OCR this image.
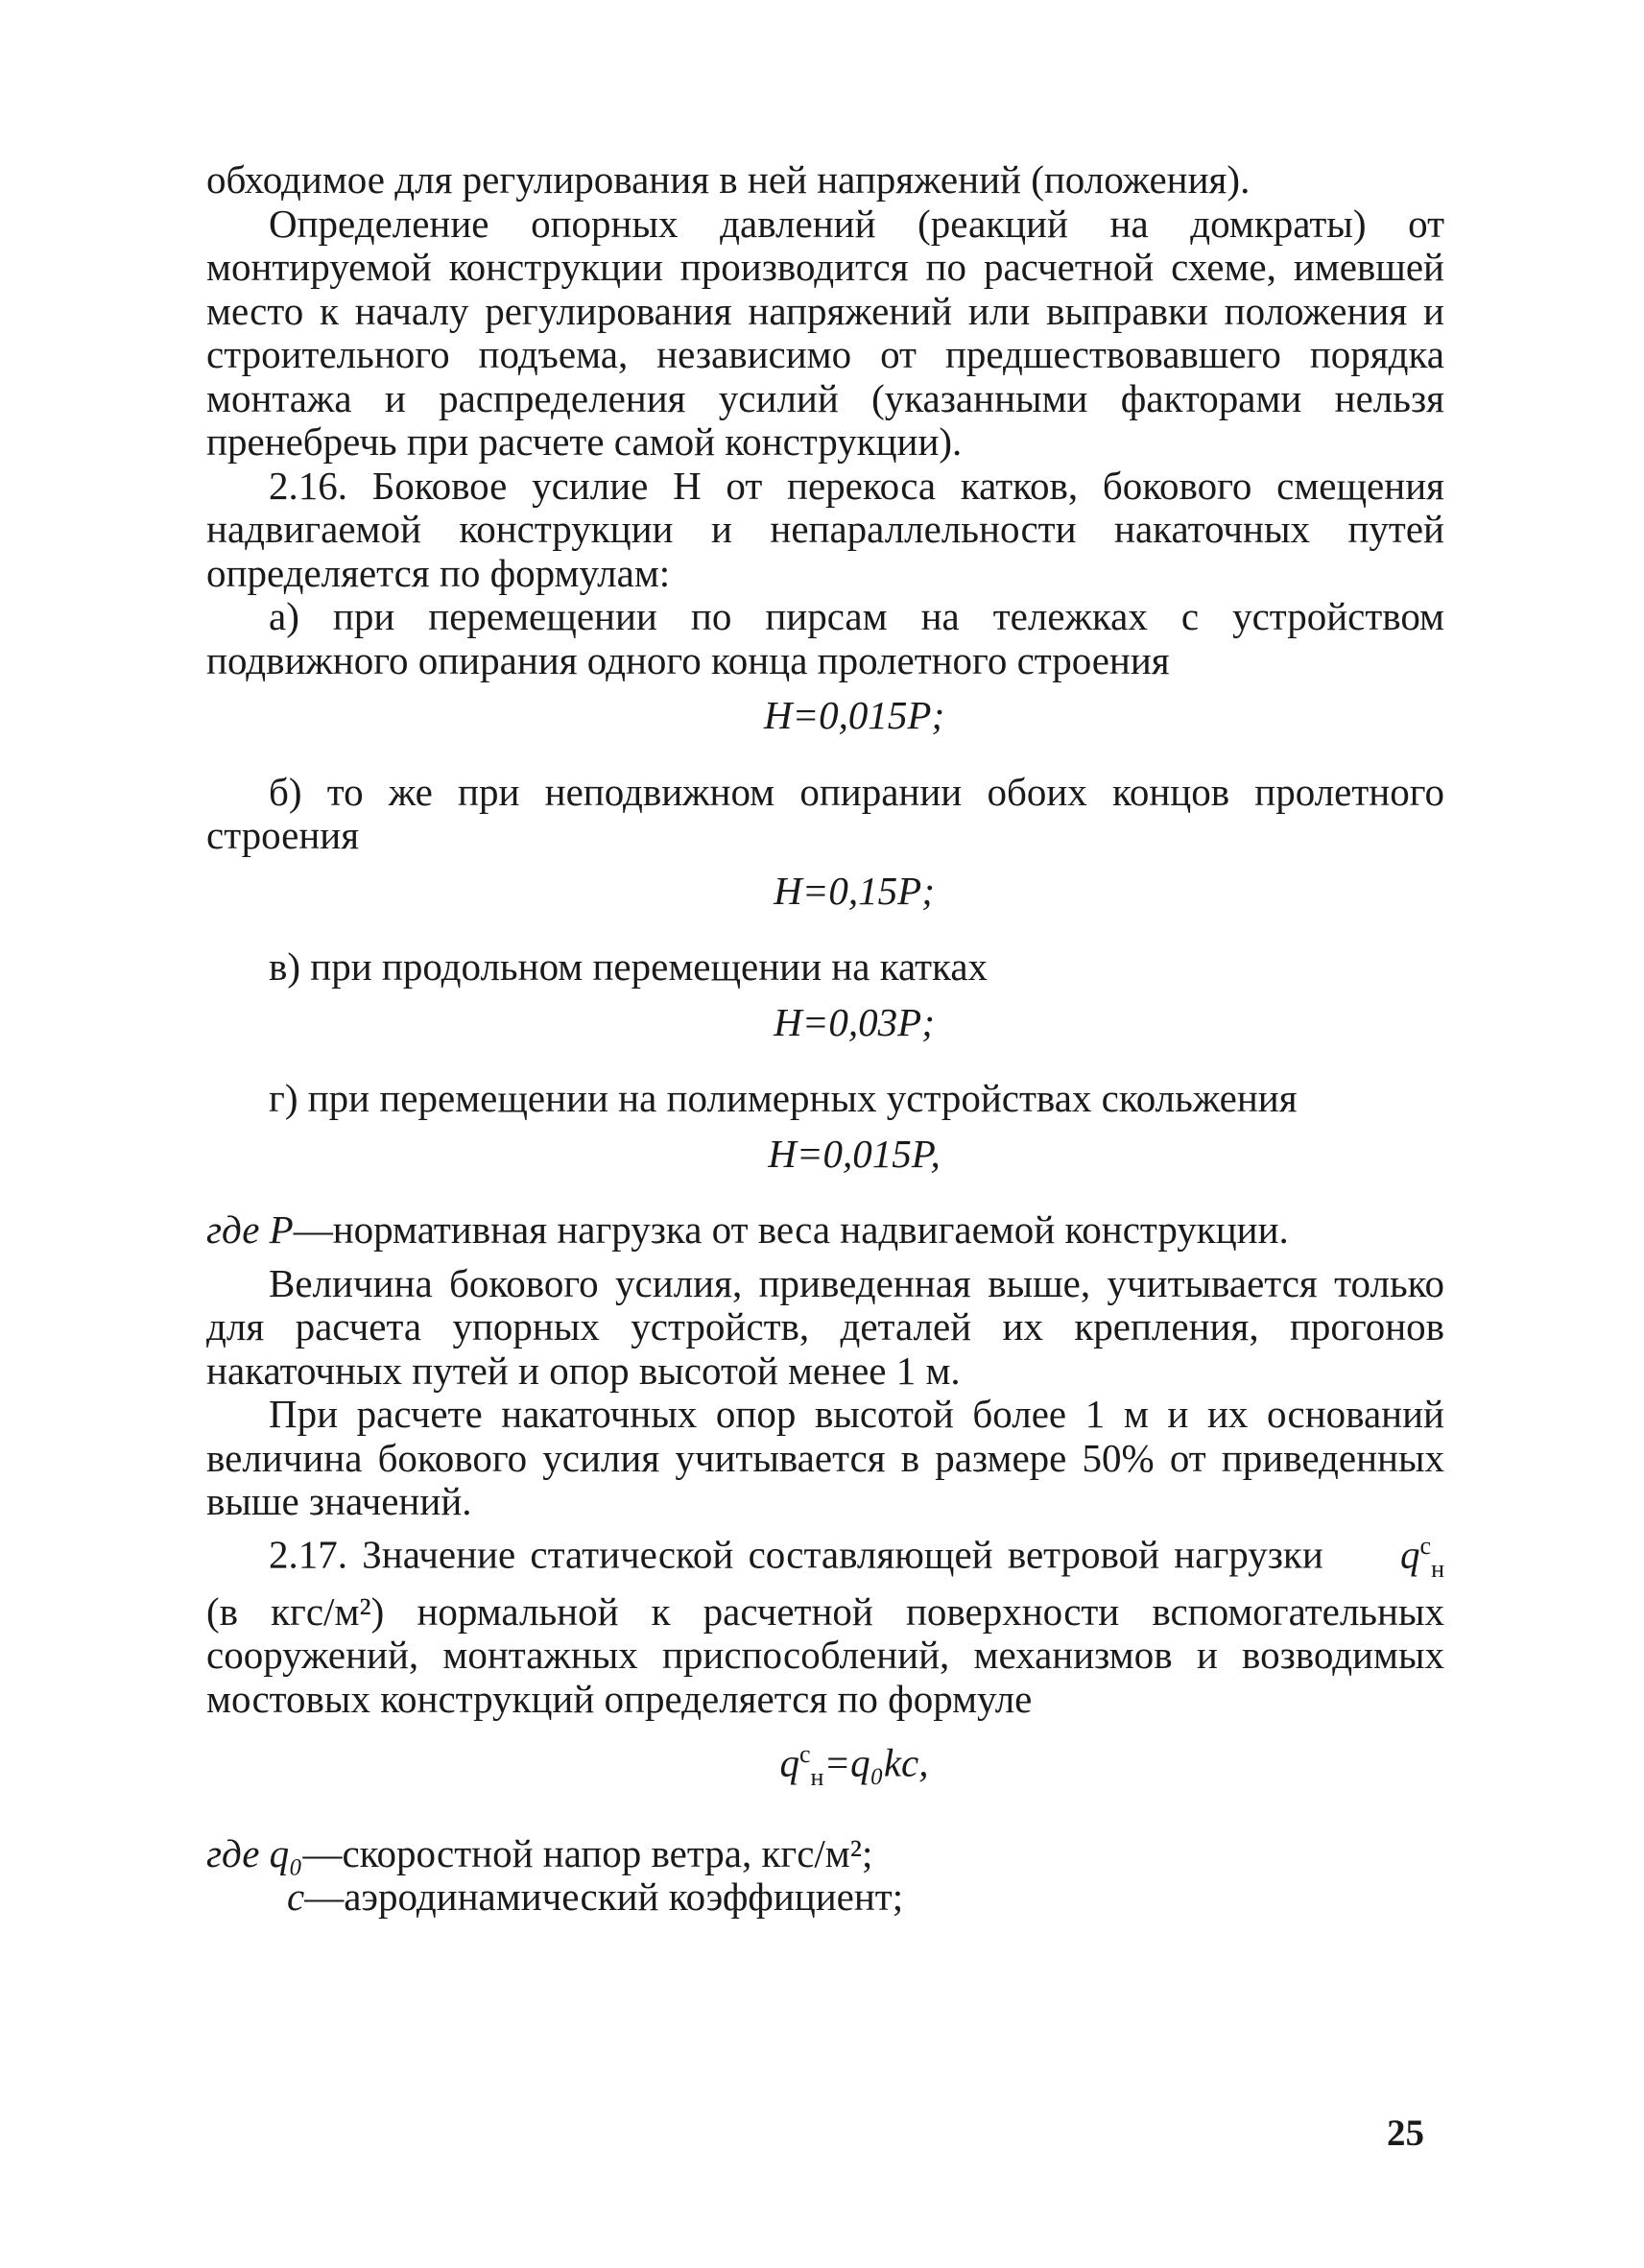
обходимое для регулирования в ней напряжений (положения).

Определение опорных давлений (реакций на домкраты) от монтируемой конструкции производится по расчетной схеме, имевшей место к началу регулирования напряжений или выправки положения и строительного подъема, независимо от предшествовавшего порядка монтажа и распределения усилий (указанными факторами нельзя пренебречь при расчете самой конструкции).

2.16. Боковое усилие H от перекоса катков, бокового смещения надвигаемой конструкции и непараллельности накаточных путей определяется по формулам:

а) при перемещении по пирсам на тележках с устройством подвижного опирания одного конца пролетного строения

H=0,015P;

б) то же при неподвижном опирании обоих концов пролетного строения

H=0,15P;

в) при продольном перемещении на катках

H=0,03P;

г) при перемещении на полимерных устройствах скольжения

H=0,015P,

где P—нормативная нагрузка от веса надвигаемой конструкции.

Величина бокового усилия, приведенная выше, учитывается только для расчета упорных устройств, деталей их крепления, прогонов накаточных путей и опор высотой менее 1 м.

При расчете накаточных опор высотой более 1 м и их оснований величина бокового усилия учитывается в размере 50% от приведенных выше значений.

2.17. Значение статической составляющей ветровой нагрузки $q^с_н$ (в кгс/м²) нормальной к расчетной поверхности вспомогательных сооружений, монтажных приспособлений, механизмов и возводимых мостовых конструкций определяется по формуле

$q^с_н=q_0kc$,

где q₀—скоростной напор ветра, кгс/м²;

c—аэродинамический коэффициент;

25
